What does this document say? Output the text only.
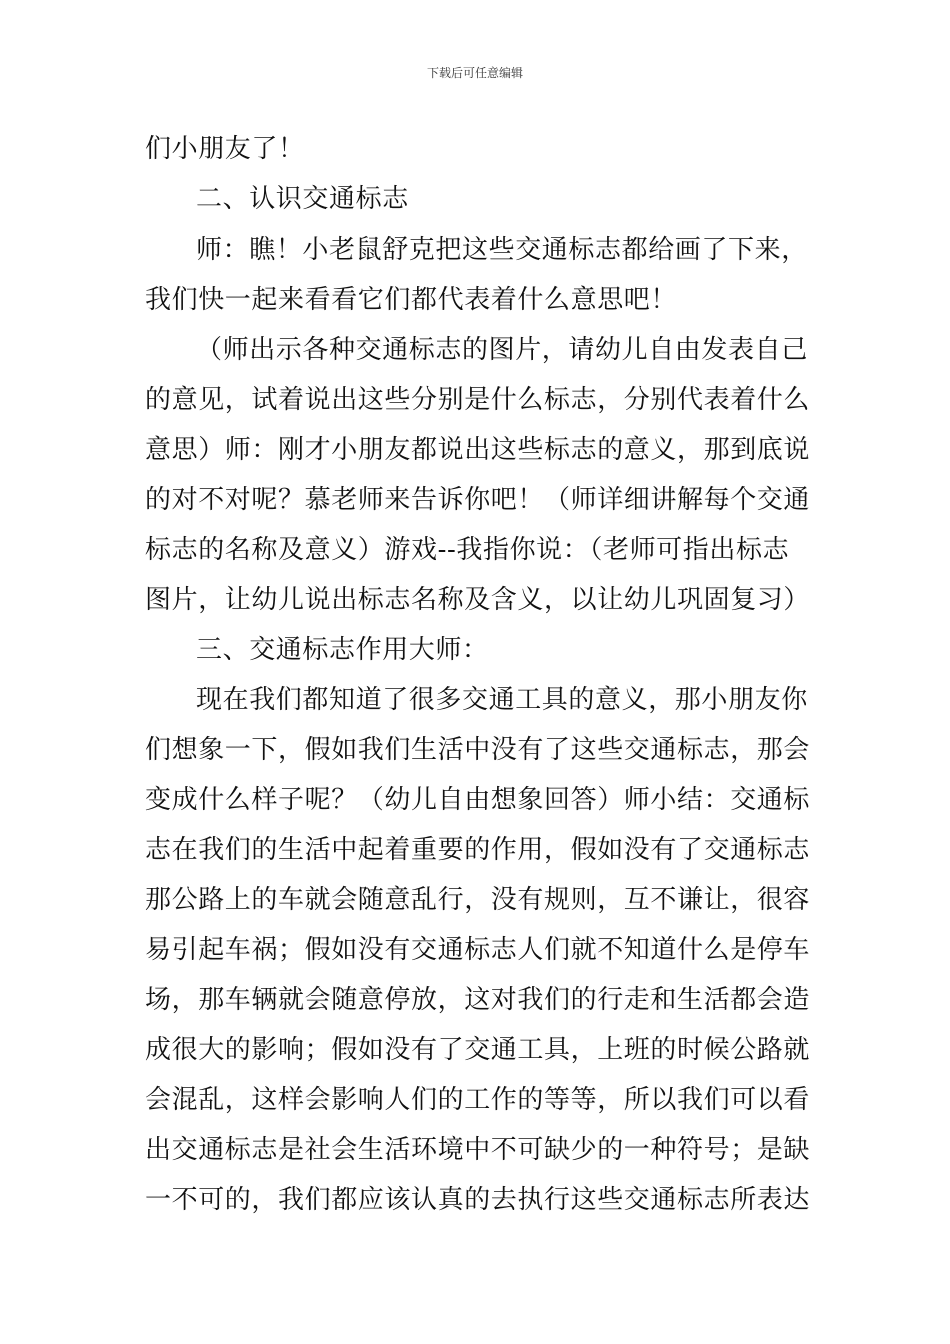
下载后可任意编辑
们小朋友了！
二、认识交通标志
师：瞧！小老鼠舒克把这些交通标志都给画了下来，
我们快一起来看看它们都代表着什么意思吧！
（师出示各种交通标志的图片，请幼儿自由发表自己
的意见，试着说出这些分别是什么标志，分别代表着什么
意思）师：刚才小朋友都说出这些标志的意义，那到底说
的对不对呢？慕老师来告诉你吧！（师详细讲解每个交通
标志的名称及意义）游戏--我指你说：（老师可指出标志
图片，让幼儿说出标志名称及含义，以让幼儿巩固复习）
三、交通标志作用大师：
现在我们都知道了很多交通工具的意义，那小朋友你
们想象一下，假如我们生活中没有了这些交通标志，那会
变成什么样子呢？（幼儿自由想象回答）师小结：交通标
志在我们的生活中起着重要的作用，假如没有了交通标志
那公路上的车就会随意乱行，没有规则，互不谦让，很容
易引起车祸；假如没有交通标志人们就不知道什么是停车
场，那车辆就会随意停放，这对我们的行走和生活都会造
成很大的影响；假如没有了交通工具，上班的时候公路就
会混乱，这样会影响人们的工作的等等，所以我们可以看
出交通标志是社会生活环境中不可缺少的一种符号；是缺
一不可的，我们都应该认真的去执行这些交通标志所表达
